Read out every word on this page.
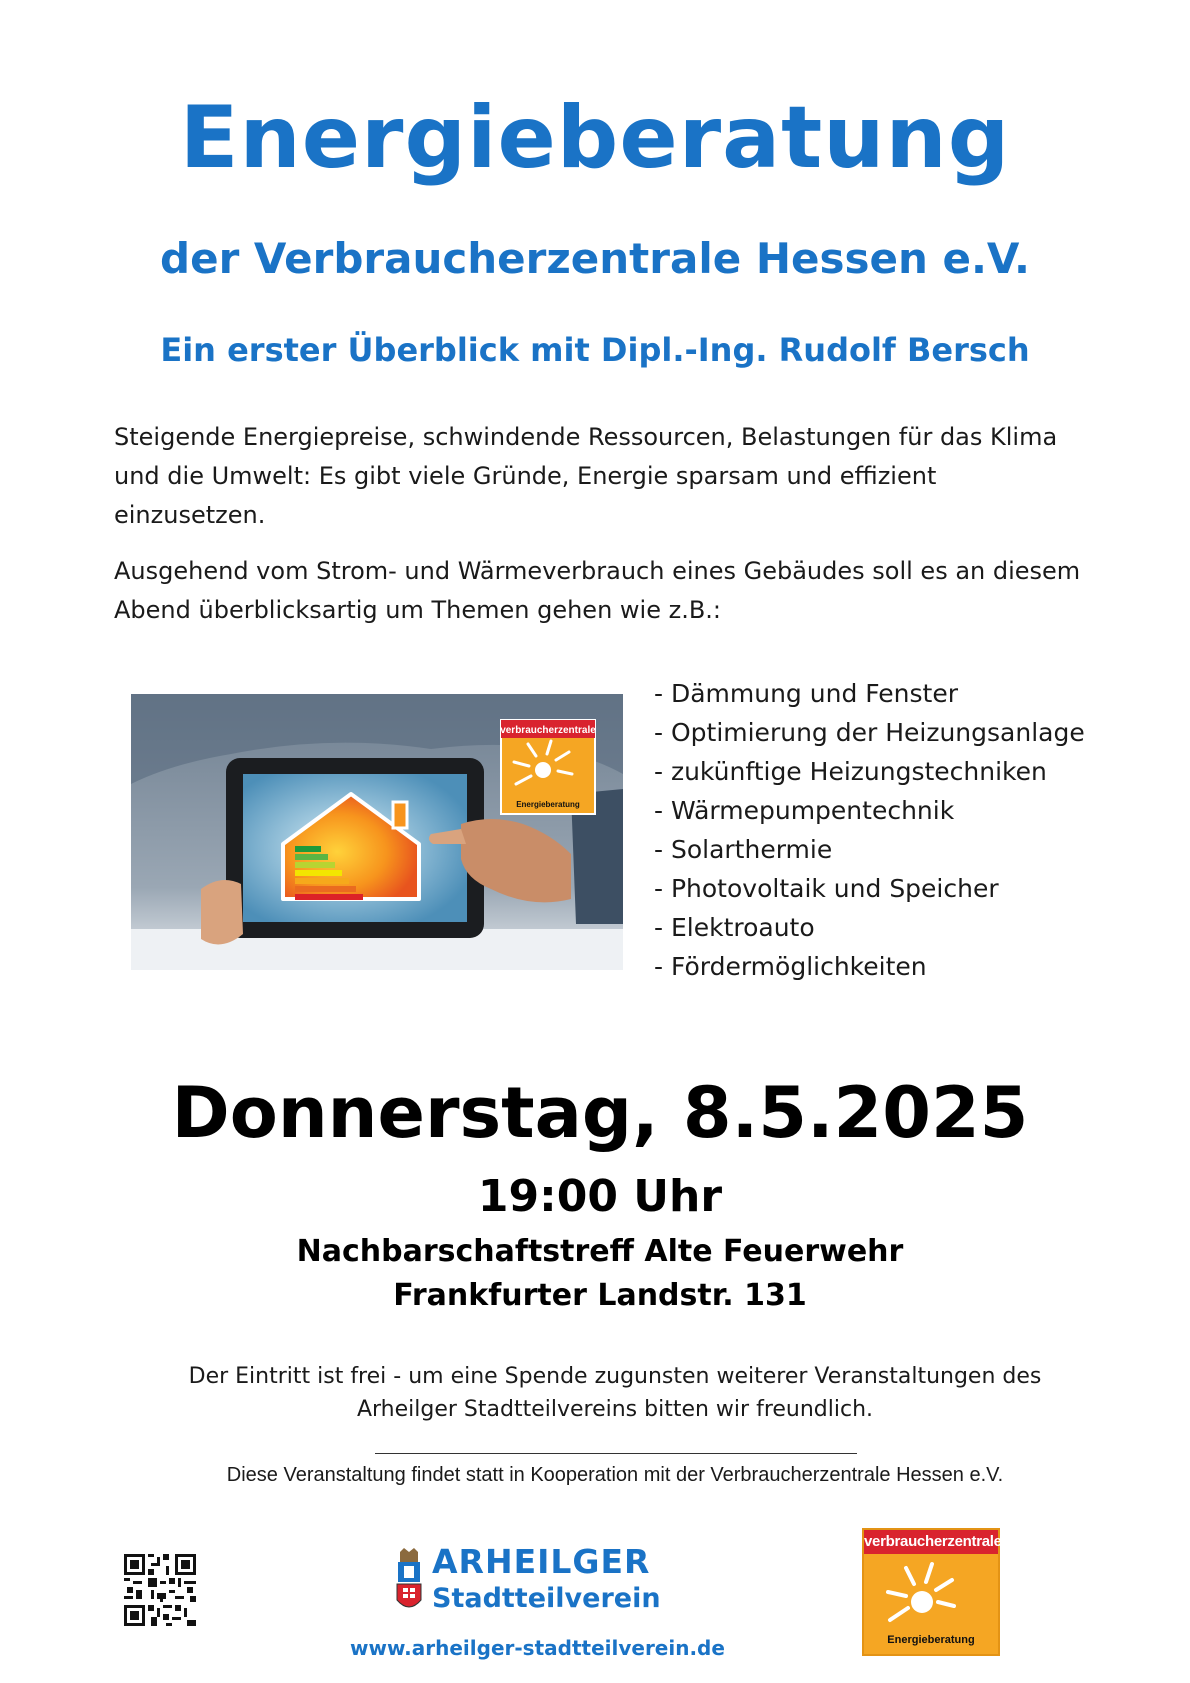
Energieberatung
der Verbraucherzentrale Hessen e.V.
Ein erster Überblick mit Dipl.-Ing. Rudolf Bersch
Steigende Energiepreise, schwindende Ressourcen, Belastungen für das Klima und die Umwelt: Es gibt viele Gründe, Energie sparsam und effizient einzusetzen.
Ausgehend vom Strom- und Wärmeverbrauch eines Gebäudes soll es an diesem Abend überblicksartig um Themen gehen wie z.B.:
verbraucherzentrale
Energieberatung
- Dämmung und Fenster
- Optimierung der Heizungsanlage
- zukünftige Heizungstechniken
- Wärmepumpentechnik
- Solarthermie
- Photovoltaik und Speicher
- Elektroauto
- Fördermöglichkeiten
Donnerstag, 8.5.2025
19:00 Uhr
Nachbarschaftstreff Alte Feuerwehr
Frankfurter Landstr. 131
Der Eintritt ist frei - um eine Spende zugunsten weiterer Veranstaltungen des
Arheilger Stadtteilvereins bitten wir freundlich.
Diese Veranstaltung findet statt in Kooperation mit der Verbraucherzentrale Hessen e.V.
ARHEILGER
Stadtteilverein
www.arheilger-stadtteilverein.de
verbraucherzentrale
Energieberatung
